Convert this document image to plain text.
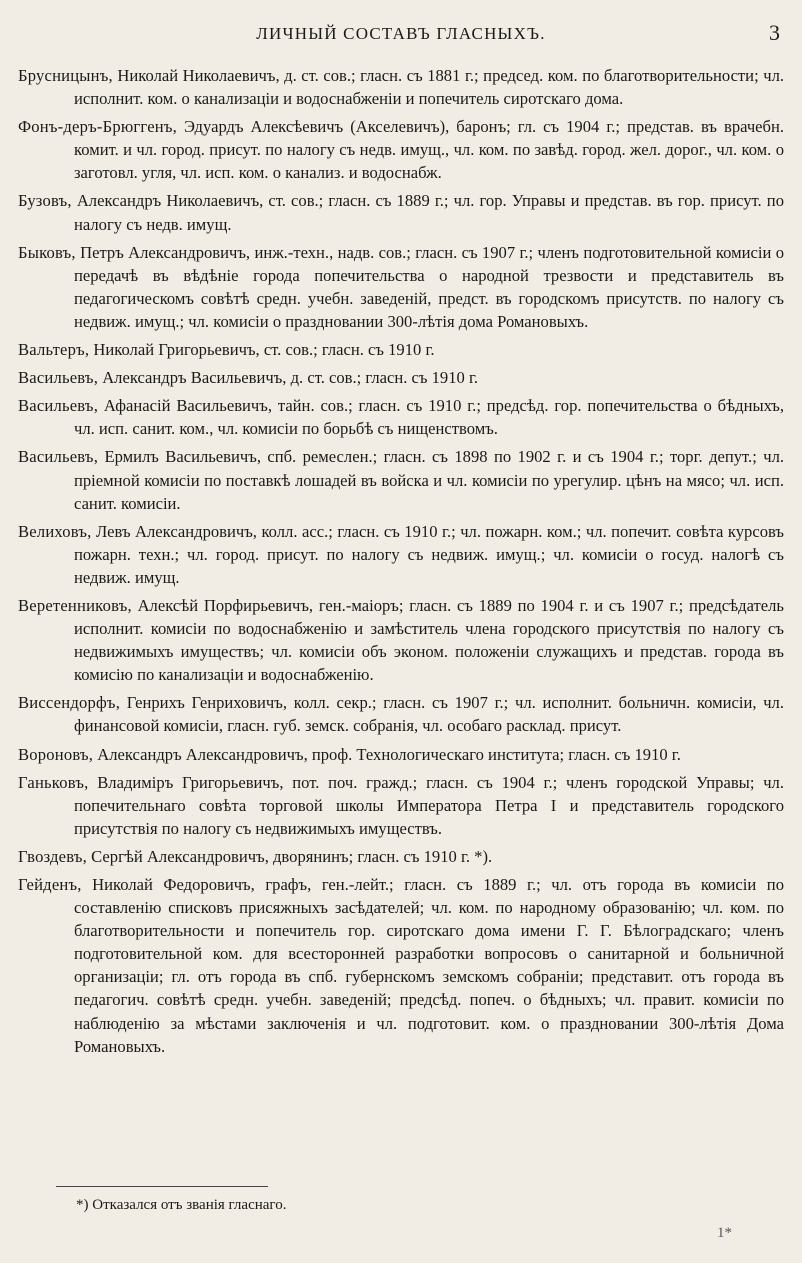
ЛИЧНЫЙ СОСТАВЪ ГЛАСНЫХЪ.	3

Брусницынъ, Николай Николаевичъ, д. ст. сов.; гласн. съ 1881 г.; председ. ком. по благотворительности; чл. исполнит. ком. о канализацiи и водоснабженiи и попечитель сиротскаго дома.

Фонъ-деръ-Брюггенъ, Эдуардъ Алексѣевичъ (Акселевичъ), баронъ; гл. съ 1904 г.; представ. въ врачебн. комит. и чл. город. присут. по налогу съ недв. имущ., чл. ком. по завѣд. город. жел. дорог., чл. ком. о заготовл. угля, чл. исп. ком. о канализ. и водоснабж.

Бузовъ, Александръ Николаевичъ, ст. сов.; гласн. съ 1889 г.; чл. гор. Управы и представ. въ гор. присут. по налогу съ недв. имущ.

Быковъ, Петръ Александровичъ, инж.-техн., надв. сов.; гласн. съ 1907 г.; членъ подготовительной комисiи о передачѣ въ вѣдѣнiе города попечительства о народной трезвости и представитель въ педагогическомъ совѣтѣ средн. учебн. заведенiй, предст. въ городскомъ присутств. по налогу съ недвиж. имущ.; чл. комисiи о праздновании 300-лѣтiя дома Романовыхъ.

Вальтеръ, Николай Григорьевичъ, ст. сов.; гласн. съ 1910 г.

Васильевъ, Александръ Васильевичъ, д. ст. сов.; гласн. съ 1910 г.

Васильевъ, Афанасiй Васильевичъ, тайн. сов.; гласн. съ 1910 г.; предсѣд. гор. попечительства о бѣдныхъ, чл. исп. санит. ком., чл. комисiи по борьбѣ съ нищенствомъ.

Васильевъ, Ермилъ Васильевичъ, спб. ремеслен.; гласн. съ 1898 по 1902 г. и съ 1904 г.; торг. депут.; чл. прiемной комисiи по поставкѣ лошадей въ войска и чл. комисiи по урегулир. цѣнъ на мясо; чл. исп. санит. комисiи.

Велиховъ, Левъ Александровичъ, колл. асс.; гласн. съ 1910 г.; чл. пожарн. ком.; чл. попечит. совѣта курсовъ пожарн. техн.; чл. город. присут. по налогу съ недвиж. имущ.; чл. комисiи о госуд. налогѣ съ недвиж. имущ.

Веретенниковъ, Алексѣй Порфирьевичъ, ген.-маiоръ; гласн. съ 1889 по 1904 г. и съ 1907 г.; предсѣдатель исполнит. комисiи по водоснабженiю и замѣститель члена городского присутствiя по налогу съ недвижимыхъ имуществъ; чл. комисiи объ эконом. положенiи служащихъ и представ. города въ комисiю по канализацiи и водоснабженiю.

Виссендорфъ, Генрихъ Генриховичъ, колл. секр.; гласн. съ 1907 г.; чл. исполнит. больничн. комисiи, чл. финансовой комисiи, гласн. губ. земск. собранiя, чл. особаго расклад. присут.

Вороновъ, Александръ Александровичъ, проф. Технологическаго института; гласн. съ 1910 г.

Ганьковъ, Владимiръ Григорьевичъ, пот. поч. гражд.; гласн. съ 1904 г.; членъ городской Управы; чл. попечительнаго совѣта торговой школы Императора Петра I и представитель городского присутствiя по налогу съ недвижимыхъ имуществъ.

Гвоздевъ, Сергѣй Александровичъ, дворянинъ; гласн. съ 1910 г. *).

Гейденъ, Николай Федоровичъ, графъ, ген.-лейт.; гласн. съ 1889 г.; чл. отъ города въ комисiи по составленiю списковъ присяжныхъ засѣдателей; чл. ком. по народному образованiю; чл. ком. по благотворительности и попечитель гор. сиротскаго дома имени Г. Г. Бѣлоградскаго; членъ подготовительной ком. для всесторонней разработки вопросовъ о санитарной и больничной организацiи; гл. отъ города въ спб. губернскомъ земскомъ собранiи; представит. отъ города въ педагогич. совѣтѣ средн. учебн. заведенiй; предсѣд. попеч. о бѣдныхъ; чл. правит. комисiи по наблюденiю за мѣстами заключенiя и чл. подготовит. ком. о праздновании 300-лѣтiя Дома Романовыхъ.

*) Отказался отъ званiя гласнаго.
1*
